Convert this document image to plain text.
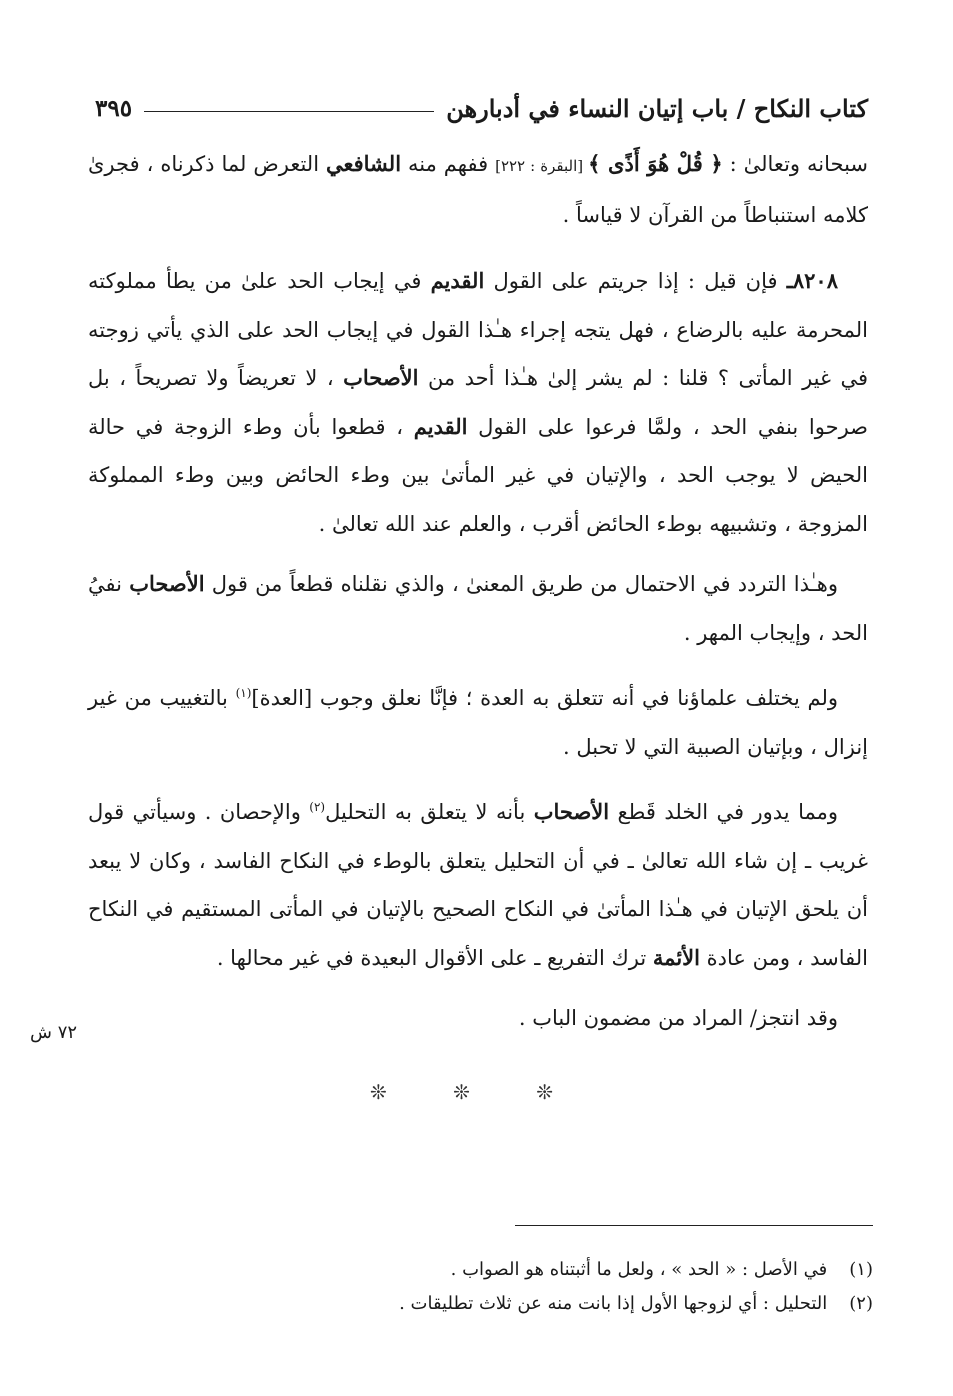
كتاب النكاح / باب إتيان النساء في أدبارهن
٣٩٥

سبحانه وتعالىٰ : ﴿ قُلْ هُوَ أَذًى ﴾ [البقرة : ٢٢٢] ففهم منه الشافعي التعرض لما ذكرناه ، فجرىٰ كلامه استنباطاً من القرآن لا قياساً .

٨٢٠٨ـ فإن قيل : إذا جريتم على القول القديم في إيجاب الحد علىٰ من يطأ مملوكته المحرمة عليه بالرضاع ، فهل يتجه إجراء هـٰذا القول في إيجاب الحد على الذي يأتي زوجته في غير المأتى ؟ قلنا : لم يشر إلىٰ هـٰذا أحد من الأصحاب ، لا تعريضاً ولا تصريحاً ، بل صرحوا بنفي الحد ، ولمَّا فرعوا على القول القديم ، قطعوا بأن وطء الزوجة في حالة الحيض لا يوجب الحد ، والإتيان في غير المأتىٰ بين وطء الحائض وبين وطء المملوكة المزوجة ، وتشبيهه بوطء الحائض أقرب ، والعلم عند الله تعالىٰ .

وهـٰذا التردد في الاحتمال من طريق المعنىٰ ، والذي نقلناه قطعاً من قول الأصحاب نفيُ الحد ، وإيجاب المهر .

ولم يختلف علماؤنا في أنه تتعلق به العدة ؛ فإنَّا نعلق وجوب [العدة]$^{(١)}$ بالتغييب من غير إنزال ، وبإتيان الصبية التي لا تحبل .

ومما يدور في الخلد قَطع الأصحاب بأنه لا يتعلق به التحليل$^{(٢)}$ والإحصان . وسيأتي قول غريب ـ إن شاء الله تعالىٰ ـ في أن التحليل يتعلق بالوطء في النكاح الفاسد ، وكان لا يبعد أن يلحق الإتيان في هـٰذا المأتىٰ في النكاح الصحيح بالإتيان في المأتى المستقيم في النكاح الفاسد ، ومن عادة الأئمة ترك التفريع ـ على الأقوال البعيدة في غير محالها .

وقد انتجز/ المراد من مضمون الباب .

٧٢ ش
❊ ❊ ❊

(١) في الأصل : « الحد » ، ولعل ما أثبتناه هو الصواب .

(٢) التحليل : أي لزوجها الأول إذا بانت منه عن ثلاث تطليقات .
